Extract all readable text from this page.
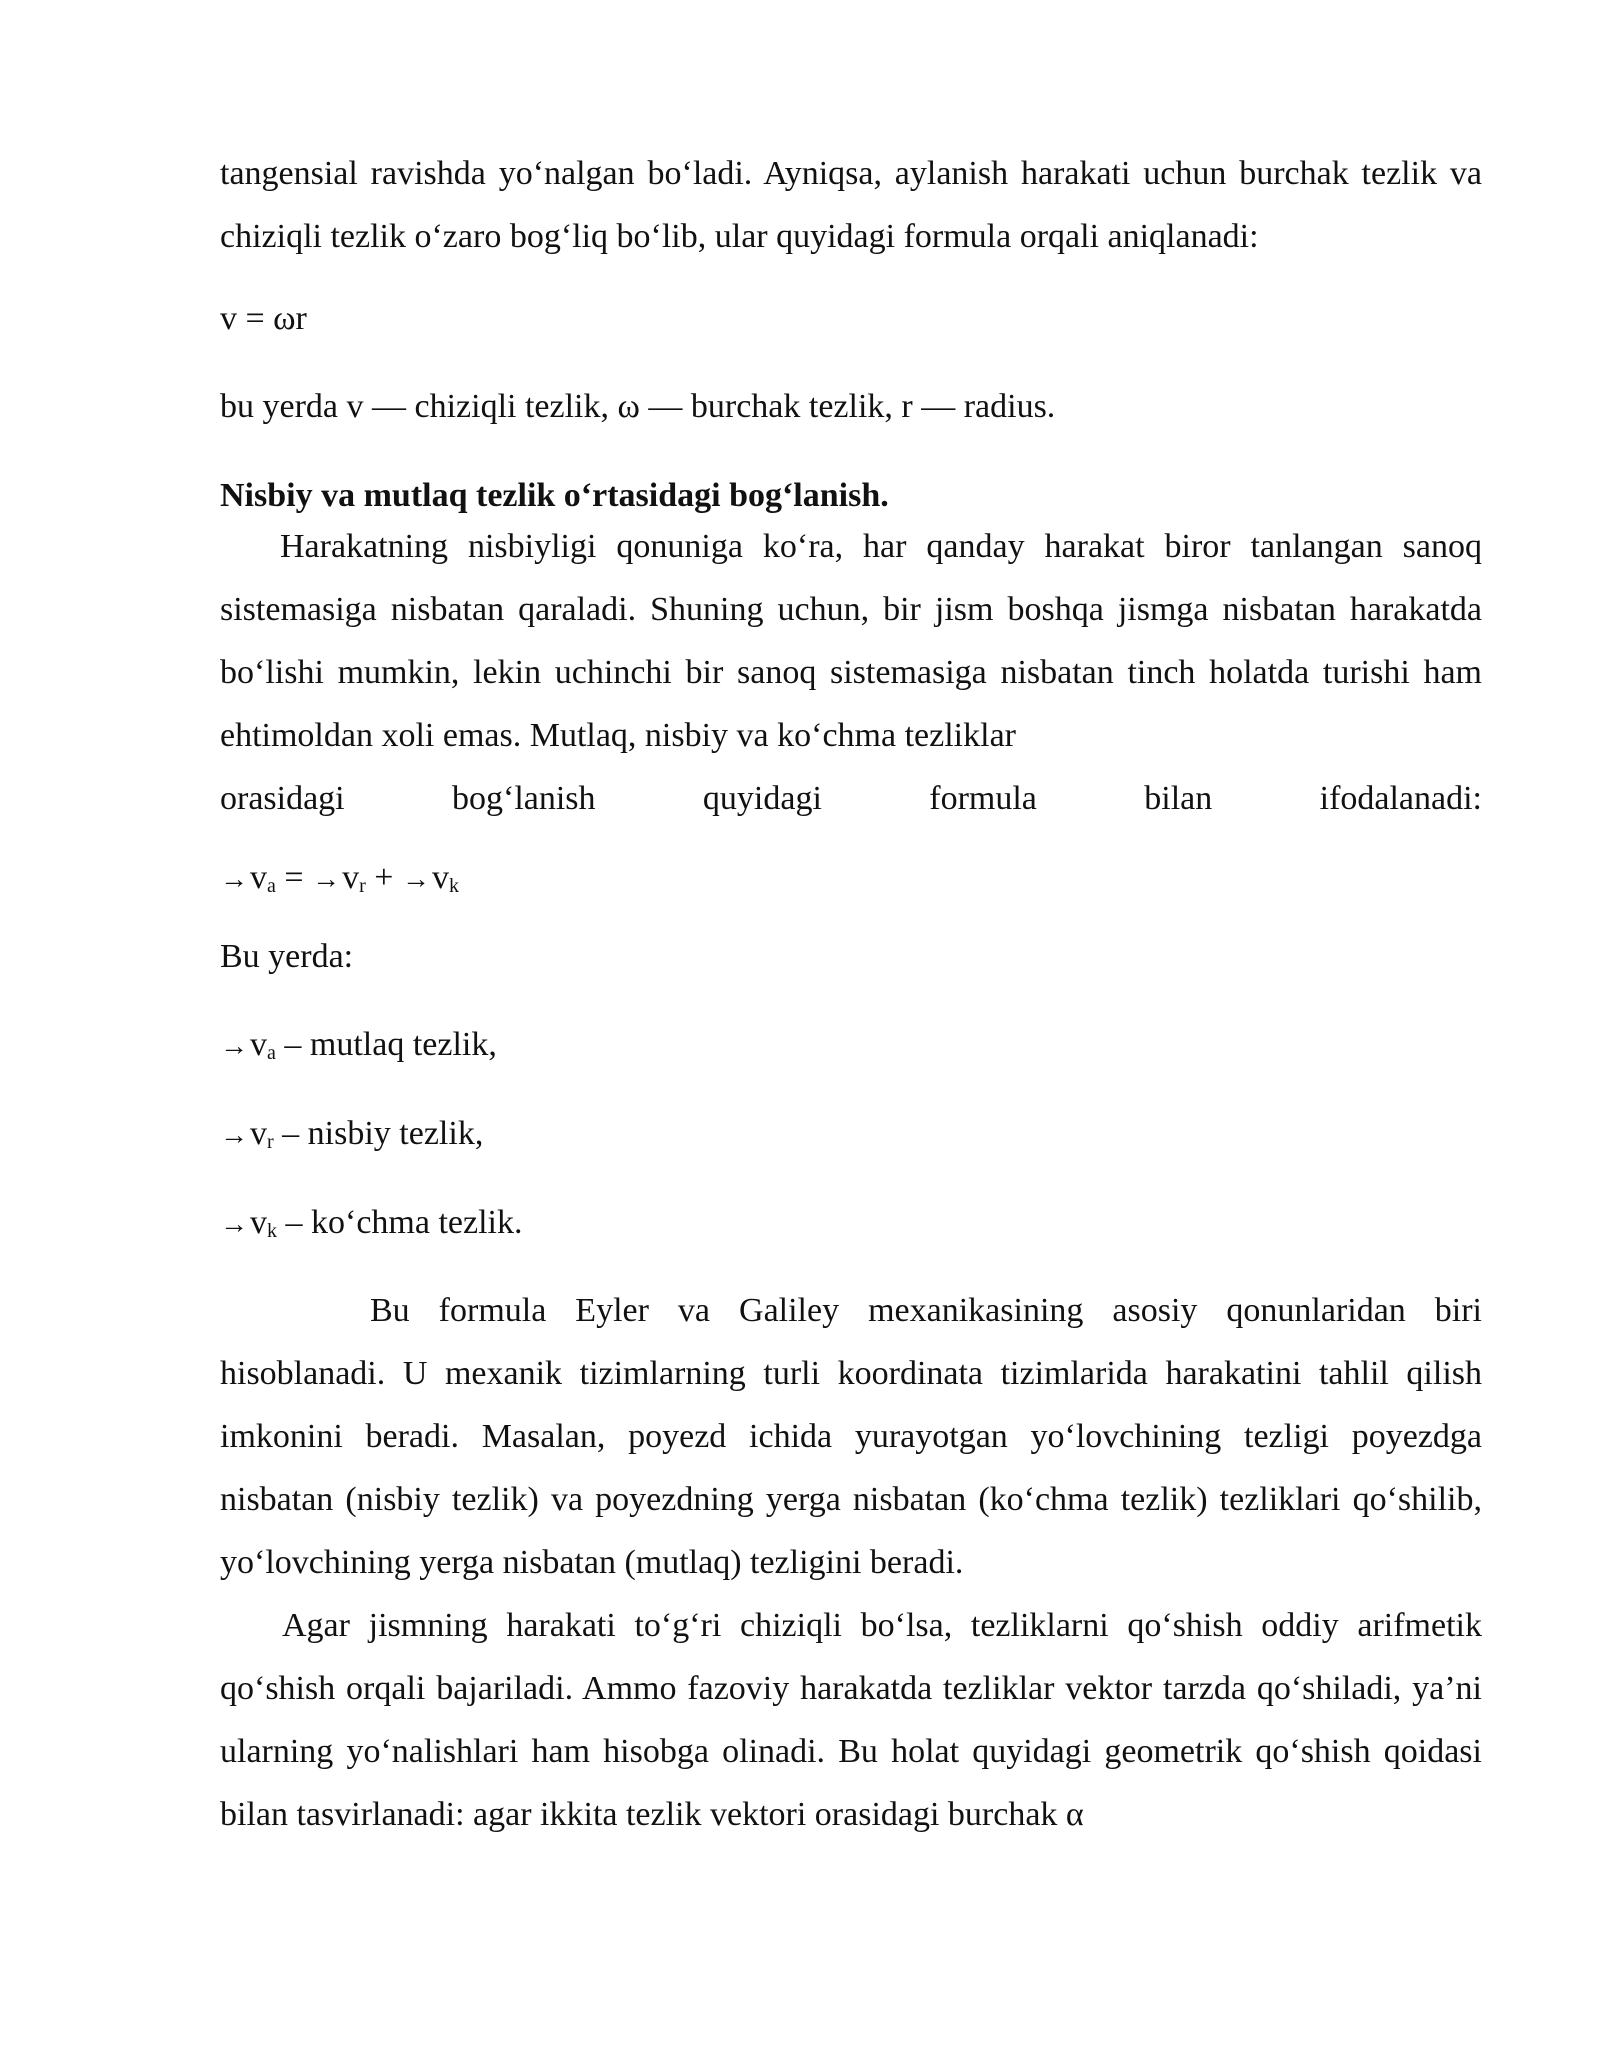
tangensial ravishda yo‘nalgan bo‘ladi. Ayniqsa, aylanish harakati uchun burchak tezlik va chiziqli tezlik o‘zaro bog‘liq bo‘lib, ular quyidagi formula orqali aniqlanadi:

v = ωr

bu yerda v — chiziqli tezlik, ω — burchak tezlik, r — radius.

Nisbiy va mutlaq tezlik o‘rtasidagi bog‘lanish.

Harakatning nisbiyligi qonuniga ko‘ra, har qanday harakat biror tanlangan sanoq sistemasiga nisbatan qaraladi. Shuning uchun, bir jism boshqa jismga nisbatan harakatda bo‘lishi mumkin, lekin uchinchi bir sanoq sistemasiga nisbatan tinch holatda turishi ham ehtimoldan xoli emas. Mutlaq, nisbiy va ko‘chma tezliklar

orasidagi bog‘lanish quyidagi formula bilan ifodalanadi:

$\to v_a = \to v_r + \to v_k$

Bu yerda:

$\to v_a$ – mutlaq tezlik,

$\to v_r$ – nisbiy tezlik,

$\to v_k$ – ko‘chma tezlik.

Bu formula Eyler va Galiley mexanikasining asosiy qonunlaridan biri hisoblanadi. U mexanik tizimlarning turli koordinata tizimlarida harakatini tahlil qilish imkonini beradi. Masalan, poyezd ichida yurayotgan yo‘lovchining tezligi poyezdga nisbatan (nisbiy tezlik) va poyezdning yerga nisbatan (ko‘chma tezlik) tezliklari qo‘shilib, yo‘lovchining yerga nisbatan (mutlaq) tezligini beradi.

Agar jismning harakati to‘g‘ri chiziqli bo‘lsa, tezliklarni qo‘shish oddiy arifmetik qo‘shish orqali bajariladi. Ammo fazoviy harakatda tezliklar vektor tarzda qo‘shiladi, ya’ni ularning yo‘nalishlari ham hisobga olinadi. Bu holat quyidagi geometrik qo‘shish qoidasi bilan tasvirlanadi: agar ikkita tezlik vektori orasidagi burchak α
